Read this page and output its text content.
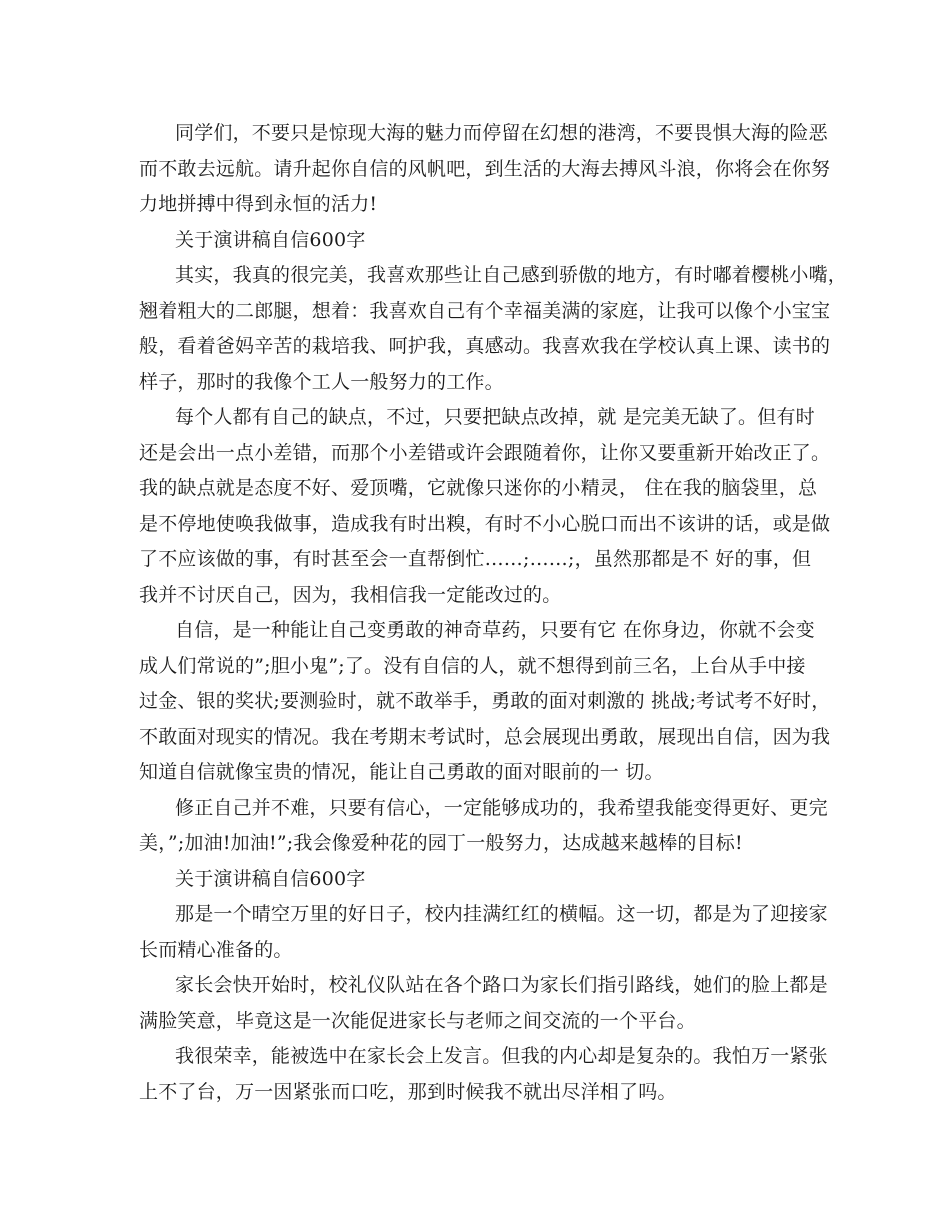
同学们，不要只是惊现大海的魅力而停留在幻想的港湾，不要畏惧大海的险恶
而不敢去远航。请升起你自信的风帆吧，到生活的大海去搏风斗浪，你将会在你努
力地拼搏中得到永恒的活力!
关于演讲稿自信600字
其实，我真的很完美，我喜欢那些让自己感到骄傲的地方，有时嘟着樱桃小嘴，
翘着粗大的二郎腿，想着：我喜欢自己有个幸福美满的家庭，让我可以像个小宝宝
般，看着爸妈辛苦的栽培我、呵护我，真感动。我喜欢我在学校认真上课、读书的
样子，那时的我像个工人一般努力的工作。
每个人都有自己的缺点，不过，只要把缺点改掉，就 是完美无缺了。但有时
还是会出一点小差错，而那个小差错或许会跟随着你，让你又要重新开始改正了。
我的缺点就是态度不好、爱顶嘴，它就像只迷你的小精灵， 住在我的脑袋里，总
是不停地使唤我做事，造成我有时出糗，有时不小心脱口而出不该讲的话，或是做
了不应该做的事，有时甚至会一直帮倒忙……;……;，虽然那都是不 好的事，但
我并不讨厌自己，因为，我相信我一定能改过的。
自信，是一种能让自己变勇敢的神奇草药，只要有它 在你身边，你就不会变
成人们常说的”;胆小鬼”;了。没有自信的人，就不想得到前三名，上台从手中接
过金、银的奖状;要测验时，就不敢举手，勇敢的面对刺激的 挑战;考试考不好时，
不敢面对现实的情况。我在考期末考试时，总会展现出勇敢，展现出自信，因为我
知道自信就像宝贵的情况，能让自己勇敢的面对眼前的一 切。
修正自己并不难，只要有信心，一定能够成功的，我希望我能变得更好、更完
美，”;加油!加油!”;我会像爱种花的园丁一般努力，达成越来越棒的目标!
关于演讲稿自信600字
那是一个晴空万里的好日子，校内挂满红红的横幅。这一切，都是为了迎接家
长而精心准备的。
家长会快开始时，校礼仪队站在各个路口为家长们指引路线，她们的脸上都是
满脸笑意，毕竟这是一次能促进家长与老师之间交流的一个平台。
我很荣幸，能被选中在家长会上发言。但我的内心却是复杂的。我怕万一紧张
上不了台，万一因紧张而口吃，那到时候我不就出尽洋相了吗。
